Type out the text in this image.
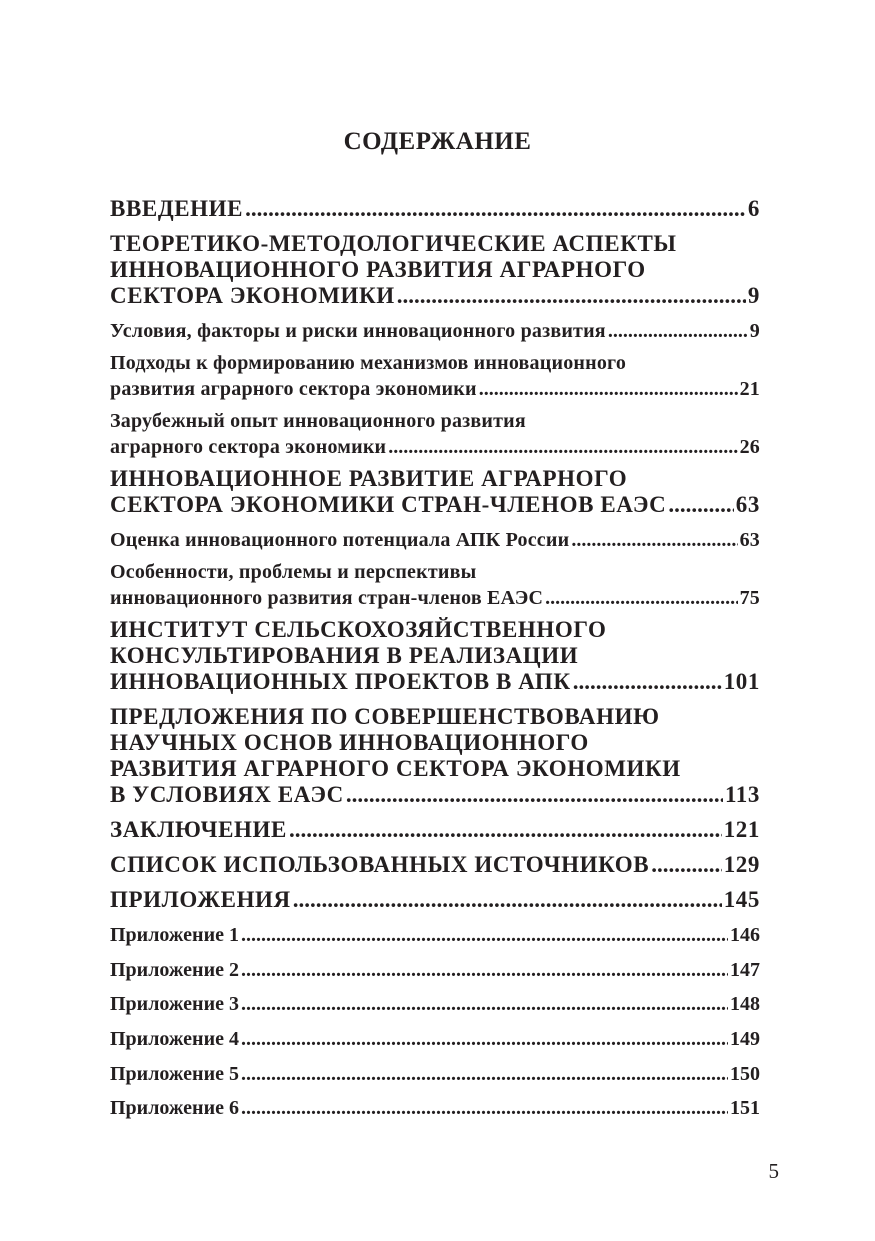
СОДЕРЖАНИЕ
ВВЕДЕНИЕ .....	6
ТЕОРЕТИКО-МЕТОДОЛОГИЧЕСКИЕ АСПЕКТЫ
ИННОВАЦИОННОГО РАЗВИТИЯ АГРАРНОГО
СЕКТОРА ЭКОНОМИКИ .....	9
Условия, факторы и риски инновационного развития .....	9
Подходы к формированию механизмов инновационного
развития аграрного сектора экономики .....	21
Зарубежный опыт инновационного развития
аграрного сектора экономики .....	26
ИННОВАЦИОННОЕ РАЗВИТИЕ АГРАРНОГО
СЕКТОРА ЭКОНОМИКИ СТРАН-ЧЛЕНОВ ЕАЭС .....	63
Оценка инновационного потенциала АПК России .....	63
Особенности, проблемы и перспективы
инновационного развития стран-членов ЕАЭС .....	75
ИНСТИТУТ СЕЛЬСКОХОЗЯЙСТВЕННОГО
КОНСУЛЬТИРОВАНИЯ В РЕАЛИЗАЦИИ
ИННОВАЦИОННЫХ ПРОЕКТОВ В АПК .....	101
ПРЕДЛОЖЕНИЯ ПО СОВЕРШЕНСТВОВАНИЮ
НАУЧНЫХ ОСНОВ ИННОВАЦИОННОГО
РАЗВИТИЯ АГРАРНОГО СЕКТОРА ЭКОНОМИКИ
В УСЛОВИЯХ ЕАЭС .....	113
ЗАКЛЮЧЕНИЕ .....	121
СПИСОК ИСПОЛЬЗОВАННЫХ ИСТОЧНИКОВ .....	129
ПРИЛОЖЕНИЯ .....	145
Приложение 1 .....	146
Приложение 2 .....	147
Приложение 3 .....	148
Приложение 4 .....	149
Приложение 5 .....	150
Приложение 6 .....	151
5
